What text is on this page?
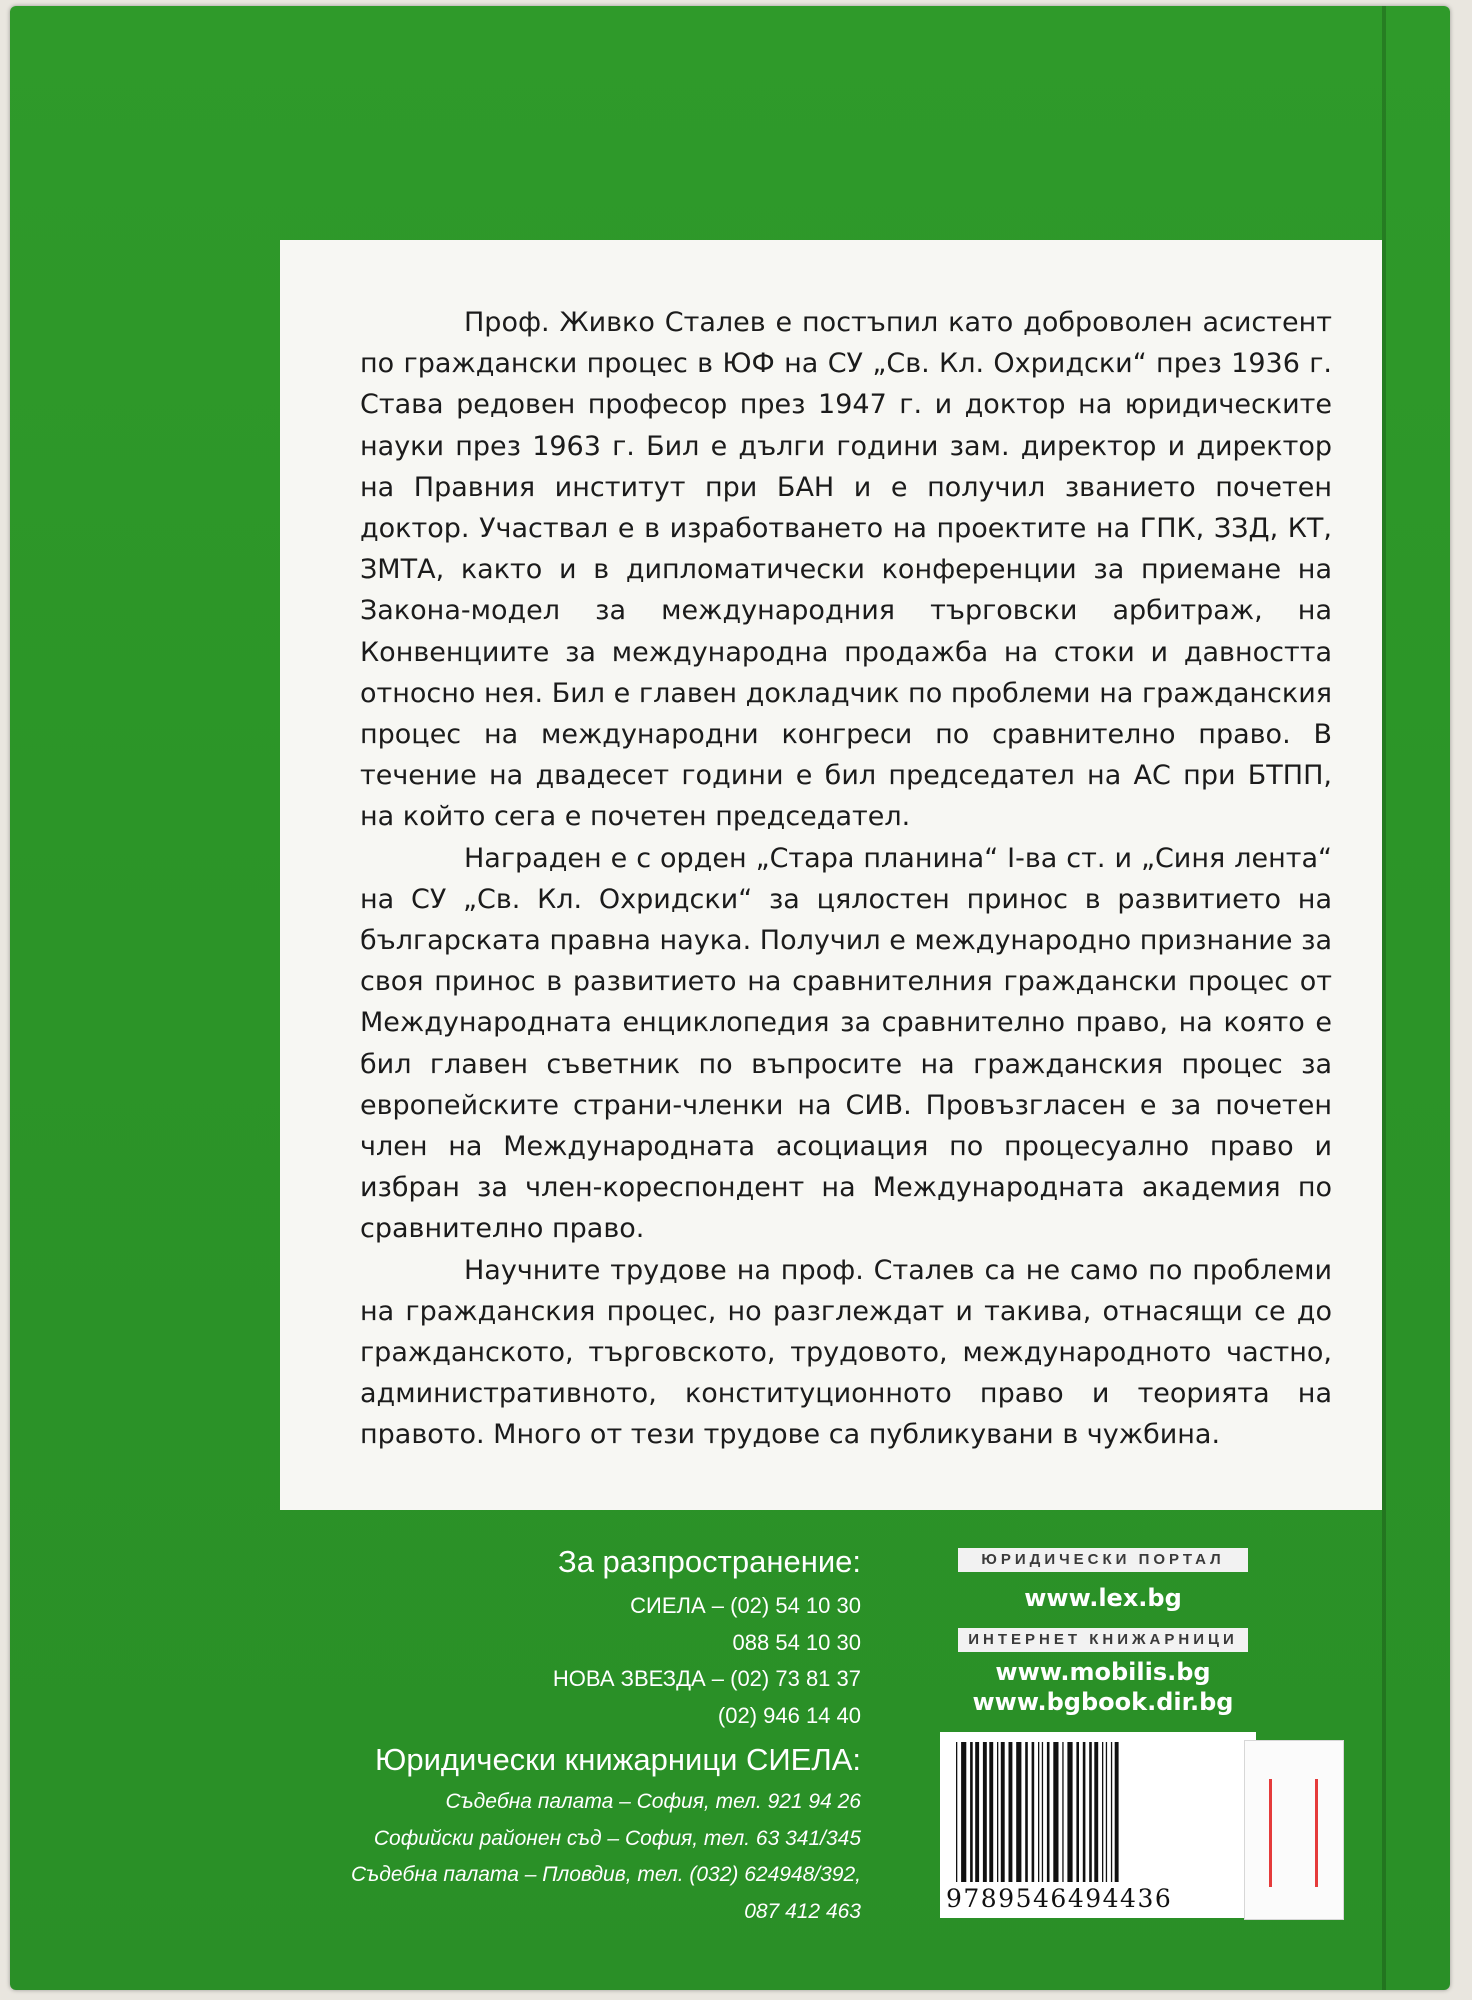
Проф. Живко Сталев е постъпил като доброволен асистент по граждански процес в ЮФ на СУ „Св. Кл. Охридски“ през 1936 г. Става редовен професор през 1947 г. и доктор на юридическите науки през 1963 г. Бил е дълги години зам. директор и директор на Правния институт при БАН и е получил званието почетен доктор. Участвал е в изработването на проектите на ГПК, ЗЗД, КТ, ЗМТА, както и в дипломатически конференции за приемане на Закона-модел за международния търговски арбитраж, на Конвенциите за международна продажба на стоки и давността относно нея. Бил е главен докладчик по проблеми на гражданския процес на международни конгреси по сравнително право. В течение на двадесет години е бил председател на АС при БТПП, на който сега е почетен председател.

Награден е с орден „Стара планина“ I-ва ст. и „Синя лента“ на СУ „Св. Кл. Охридски“ за цялостен принос в развитието на българската правна наука. Получил е международно признание за своя принос в развитието на сравнителния граждански процес от Международната енциклопедия за сравнително право, на която е бил главен съветник по въпросите на гражданския процес за европейските страни-членки на СИВ. Провъзгласен е за почетен член на Международната асоциация по процесуално право и избран за член-кореспондент на Международната академия по сравнително право.

Научните трудове на проф. Сталев са не само по проблеми на гражданския процес, но разглеждат и такива, отнасящи се до гражданското, търговското, трудовото, международното частно, административното, конституционното право и теорията на правото. Много от тези трудове са публикувани в чужбина.

За разпространение:
СИЕЛА – (02) 54 10 30
088 54 10 30
НОВА ЗВЕЗДА – (02) 73 81 37
(02) 946 14 40
Юридически книжарници СИЕЛА:
Съдебна палата – София, тел. 921 94 26
Софийски районен съд – София, тел. 63 341/345
Съдебна палата – Пловдив, тел. (032) 624948/392,
087 412 463
ЮРИДИЧЕСКИ ПОРТАЛ
www.lex.bg
ИНТЕРНЕТ КНИЖАРНИЦИ
www.mobilis.bg
www.bgbook.dir.bg
9789546494436
